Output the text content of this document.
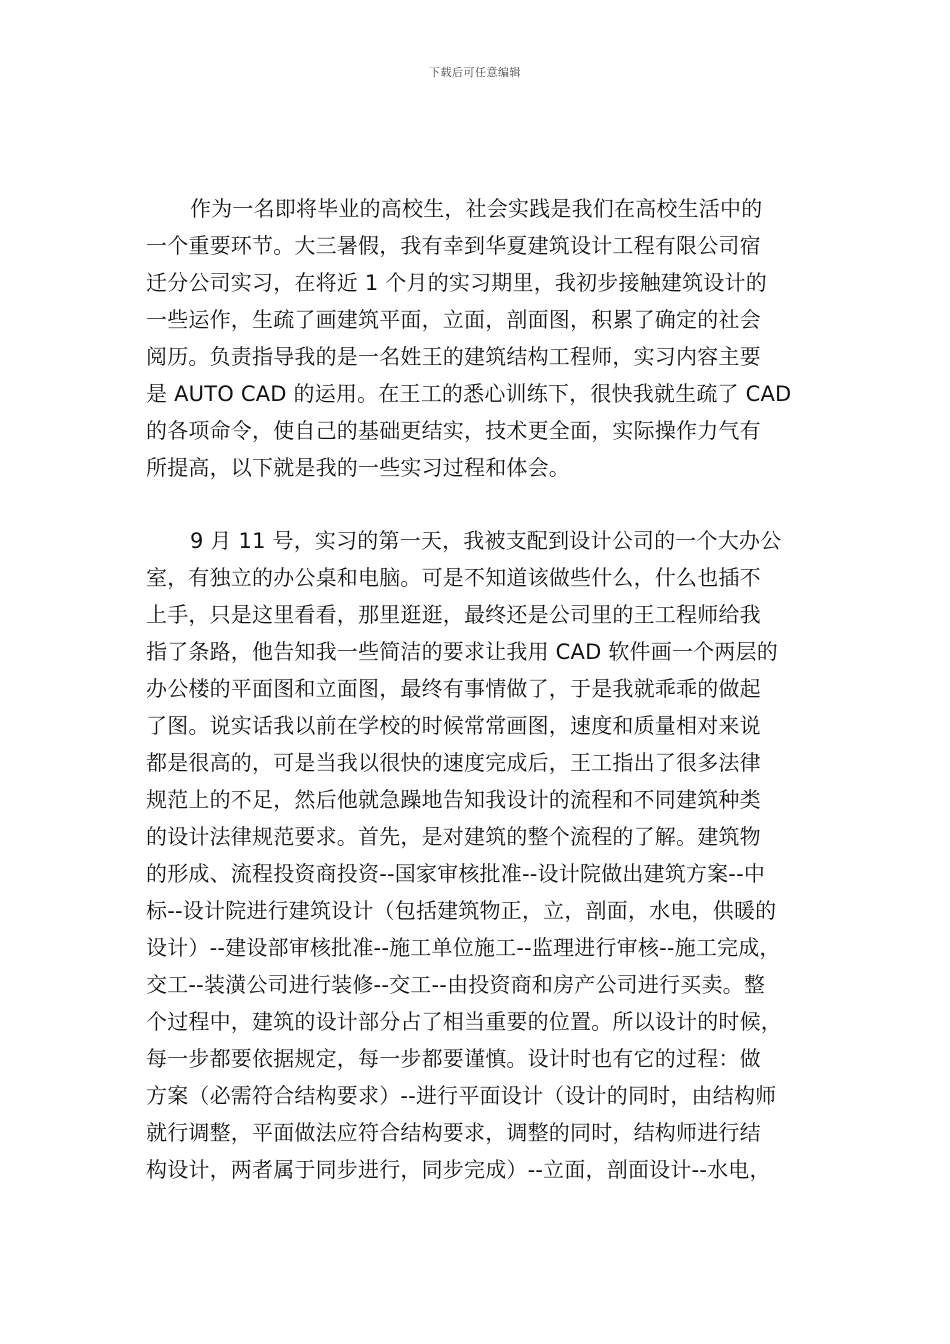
下载后可任意编辑
作为一名即将毕业的高校生，社会实践是我们在高校生活中的
一个重要环节。大三暑假，我有幸到华夏建筑设计工程有限公司宿
迁分公司实习，在将近 1 个月的实习期里，我初步接触建筑设计的
一些运作，生疏了画建筑平面，立面，剖面图，积累了确定的社会
阅历。负责指导我的是一名姓王的建筑结构工程师，实习内容主要
是 AUTO CAD 的运用。在王工的悉心训练下，很快我就生疏了 CAD
的各项命令，使自己的基础更结实，技术更全面，实际操作力气有
所提高，以下就是我的一些实习过程和体会。
9 月 11 号，实习的第一天，我被支配到设计公司的一个大办公
室，有独立的办公桌和电脑。可是不知道该做些什么，什么也插不
上手，只是这里看看，那里逛逛，最终还是公司里的王工程师给我
指了条路，他告知我一些简洁的要求让我用 CAD 软件画一个两层的
办公楼的平面图和立面图，最终有事情做了，于是我就乖乖的做起
了图。说实话我以前在学校的时候常常画图，速度和质量相对来说
都是很高的，可是当我以很快的速度完成后，王工指出了很多法律
规范上的不足，然后他就急躁地告知我设计的流程和不同建筑种类
的设计法律规范要求。首先，是对建筑的整个流程的了解。建筑物
的形成、流程投资商投资--国家审核批准--设计院做出建筑方案--中
标--设计院进行建筑设计（包括建筑物正，立，剖面，水电，供暖的
设计）--建设部审核批准--施工单位施工--监理进行审核--施工完成，
交工--装潢公司进行装修--交工--由投资商和房产公司进行买卖。整
个过程中，建筑的设计部分占了相当重要的位置。所以设计的时候，
每一步都要依据规定，每一步都要谨慎。设计时也有它的过程：做
方案（必需符合结构要求）--进行平面设计（设计的同时，由结构师
就行调整，平面做法应符合结构要求，调整的同时，结构师进行结
构设计，两者属于同步进行，同步完成）--立面，剖面设计--水电，
